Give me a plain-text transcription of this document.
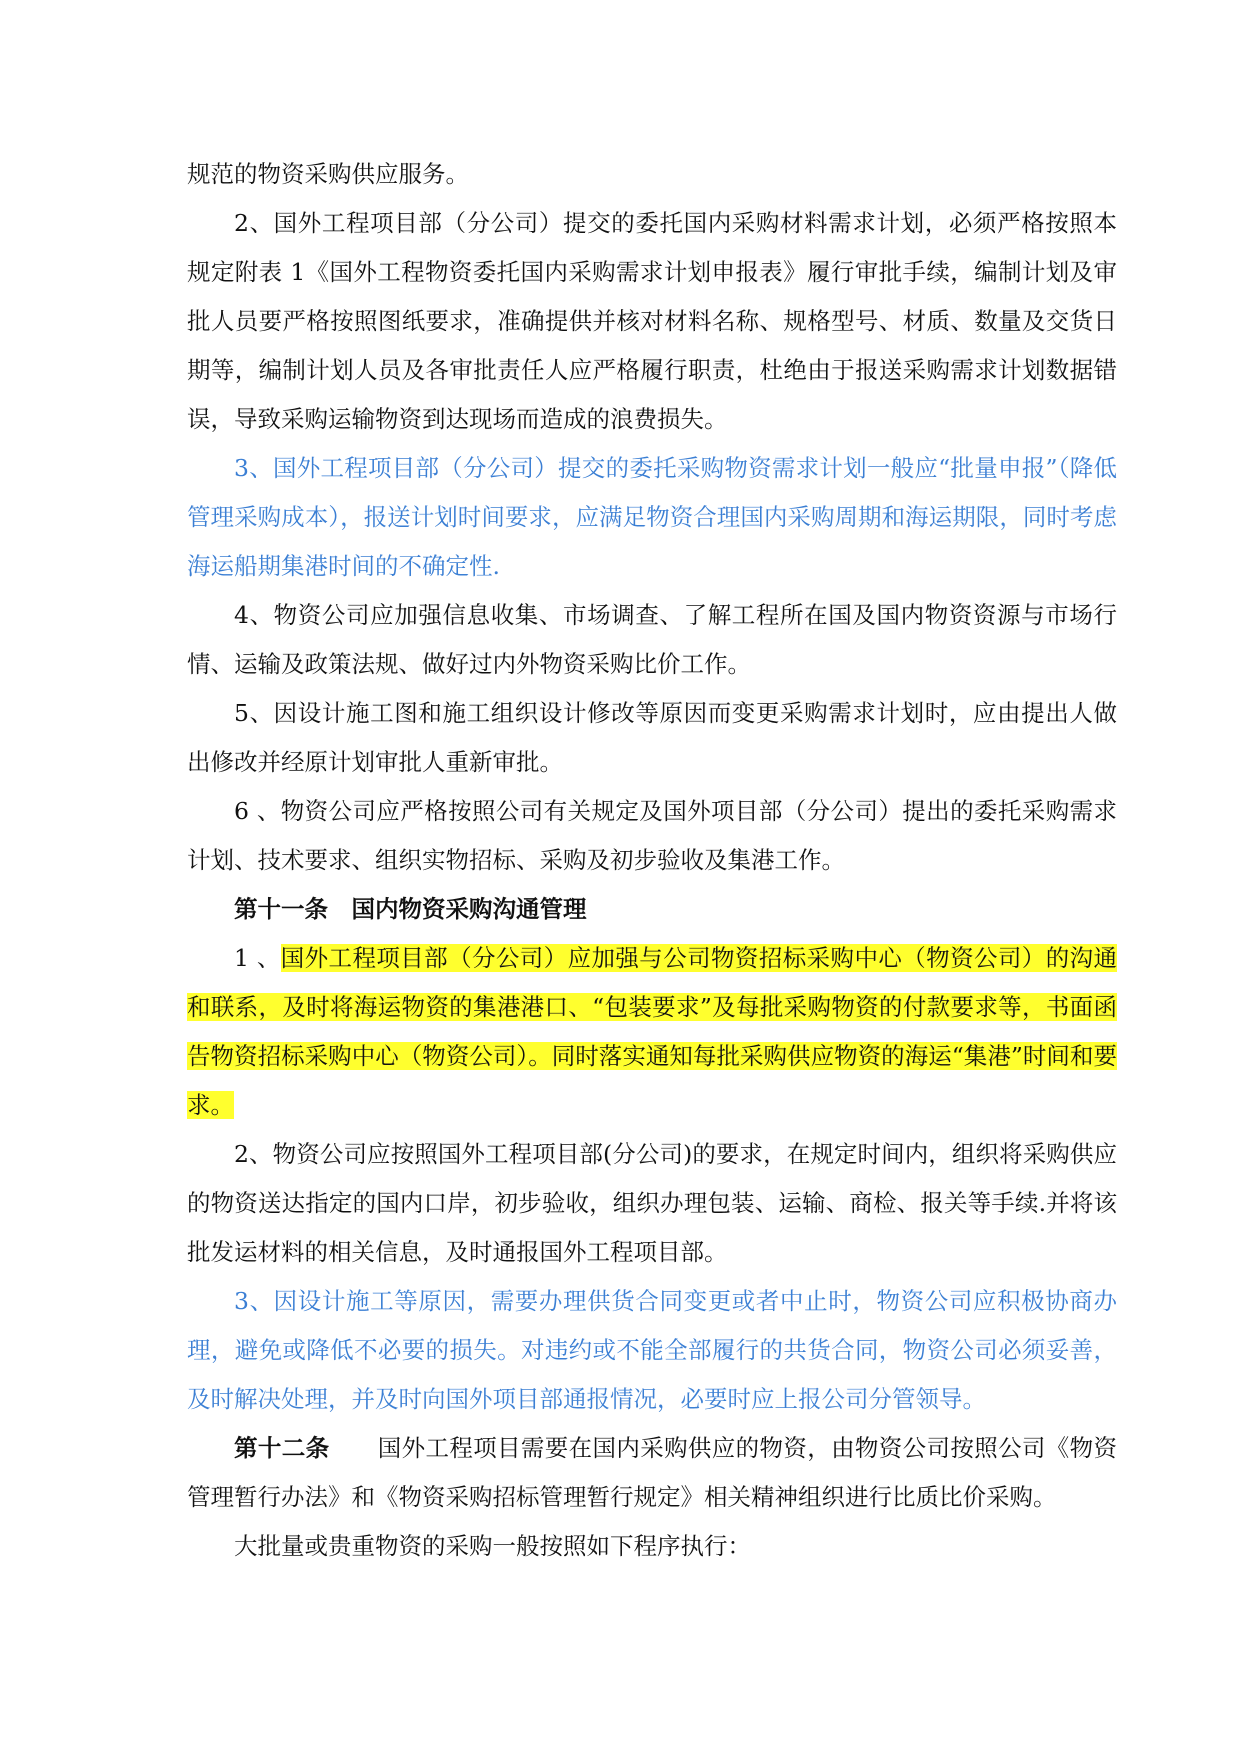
规范的物资采购供应服务。

2、国外工程项目部（分公司）提交的委托国内采购材料需求计划，必须严格按照本规定附表 1《国外工程物资委托国内采购需求计划申报表》履行审批手续，编制计划及审批人员要严格按照图纸要求，准确提供并核对材料名称、规格型号、材质、数量及交货日期等，编制计划人员及各审批责任人应严格履行职责，杜绝由于报送采购需求计划数据错误，导致采购运输物资到达现场而造成的浪费损失。

3、国外工程项目部（分公司）提交的委托采购物资需求计划一般应“批量申报”（降低管理采购成本），报送计划时间要求，应满足物资合理国内采购周期和海运期限，同时考虑海运船期集港时间的不确定性.

4、物资公司应加强信息收集、市场调查、了解工程所在国及国内物资资源与市场行情、运输及政策法规、做好过内外物资采购比价工作。

5、因设计施工图和施工组织设计修改等原因而变更采购需求计划时，应由提出人做出修改并经原计划审批人重新审批。

6 、物资公司应严格按照公司有关规定及国外项目部（分公司）提出的委托采购需求计划、技术要求、组织实物招标、采购及初步验收及集港工作。

第十一条　国内物资采购沟通管理

1 、国外工程项目部（分公司）应加强与公司物资招标采购中心（物资公司）的沟通和联系，及时将海运物资的集港港口、“包装要求”及每批采购物资的付款要求等，书面函告物资招标采购中心（物资公司）。同时落实通知每批采购供应物资的海运“集港”时间和要求。

2、物资公司应按照国外工程项目部(分公司)的要求，在规定时间内，组织将采购供应的物资送达指定的国内口岸，初步验收，组织办理包装、运输、商检、报关等手续.并将该批发运材料的相关信息，及时通报国外工程项目部。

3、因设计施工等原因，需要办理供货合同变更或者中止时，物资公司应积极协商办理，避免或降低不必要的损失。对违约或不能全部履行的共货合同，物资公司必须妥善，及时解决处理，并及时向国外项目部通报情况，必要时应上报公司分管领导。

第十二条 国外工程项目需要在国内采购供应的物资，由物资公司按照公司《物资管理暂行办法》和《物资采购招标管理暂行规定》相关精神组织进行比质比价采购。

大批量或贵重物资的采购一般按照如下程序执行：
